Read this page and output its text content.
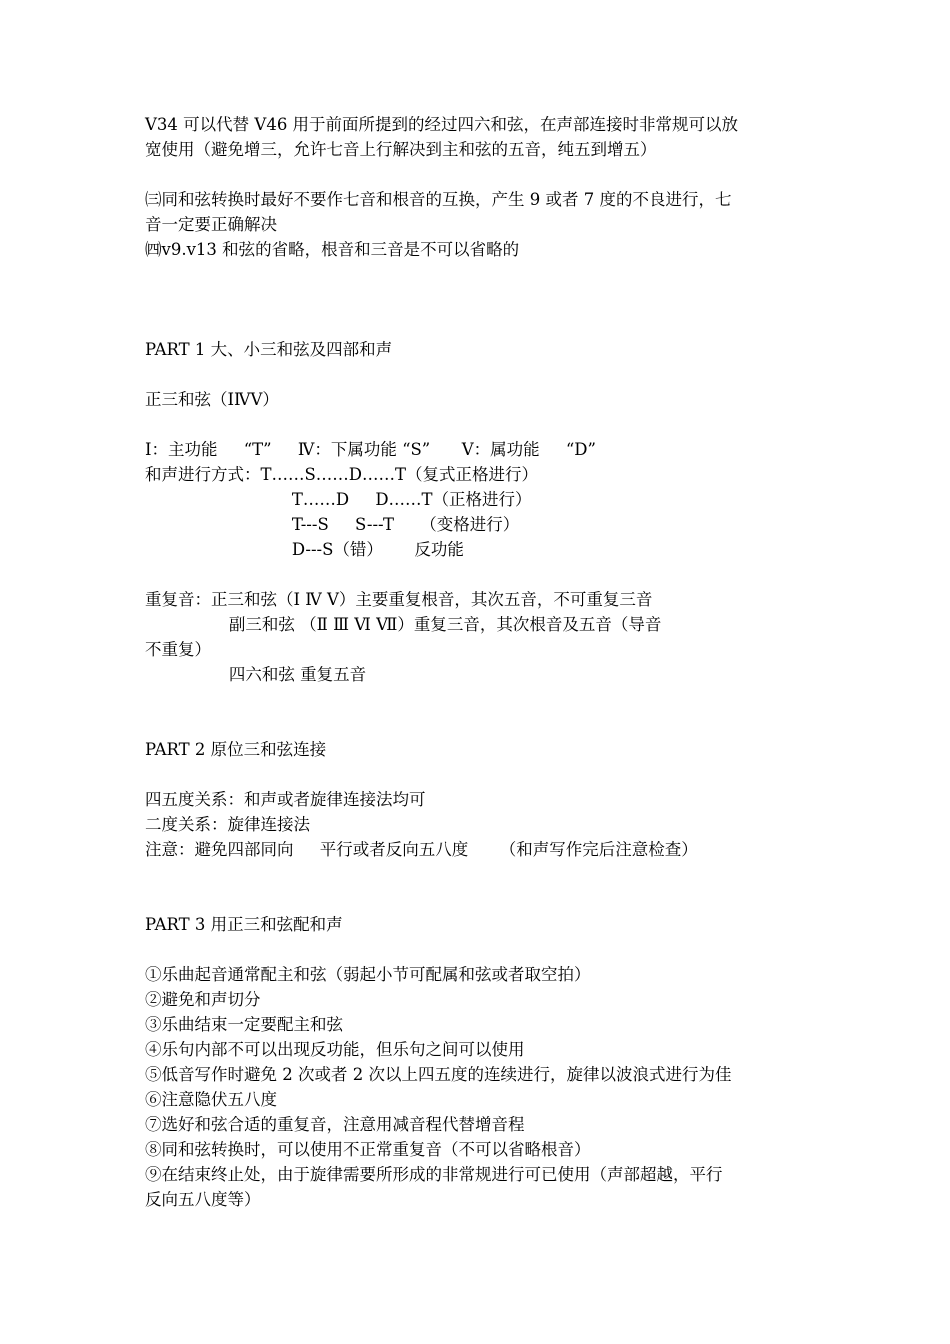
V34 可以代替 V46 用于前面所提到的经过四六和弦，在声部连接时非常规可以放
宽使用（避免增三，允许七音上行解决到主和弦的五音，纯五到增五）
㈢同和弦转换时最好不要作七音和根音的互换，产生 9 或者 7 度的不良进行，七
音一定要正确解决
㈣v9.v13 和弦的省略，根音和三音是不可以省略的
PART 1 大、小三和弦及四部和声
正三和弦（ⅠⅣⅤ）
Ⅰ：主功能     “T”     Ⅳ：下属功能 “S”      Ⅴ：属功能     “D”
和声进行方式：T……S……D……T（复式正格进行）
T……D     D……T（正格进行）
T---S     S---T     （变格进行）
D---S（错）      反功能
重复音：正三和弦（Ⅰ Ⅳ Ⅴ）主要重复根音，其次五音，不可重复三音
副三和弦 （Ⅱ Ⅲ Ⅵ Ⅶ）重复三音，其次根音及五音（导音
不重复）
四六和弦 重复五音
PART 2 原位三和弦连接
四五度关系：和声或者旋律连接法均可
二度关系：旋律连接法
注意：避免四部同向     平行或者反向五八度      （和声写作完后注意检查）
PART 3 用正三和弦配和声
①乐曲起音通常配主和弦（弱起小节可配属和弦或者取空拍）
②避免和声切分
③乐曲结束一定要配主和弦
④乐句内部不可以出现反功能，但乐句之间可以使用
⑤低音写作时避免 2 次或者 2 次以上四五度的连续进行，旋律以波浪式进行为佳
⑥注意隐伏五八度
⑦选好和弦合适的重复音，注意用减音程代替增音程
⑧同和弦转换时，可以使用不正常重复音（不可以省略根音）
⑨在结束终止处，由于旋律需要所形成的非常规进行可已使用（声部超越，平行
反向五八度等）
